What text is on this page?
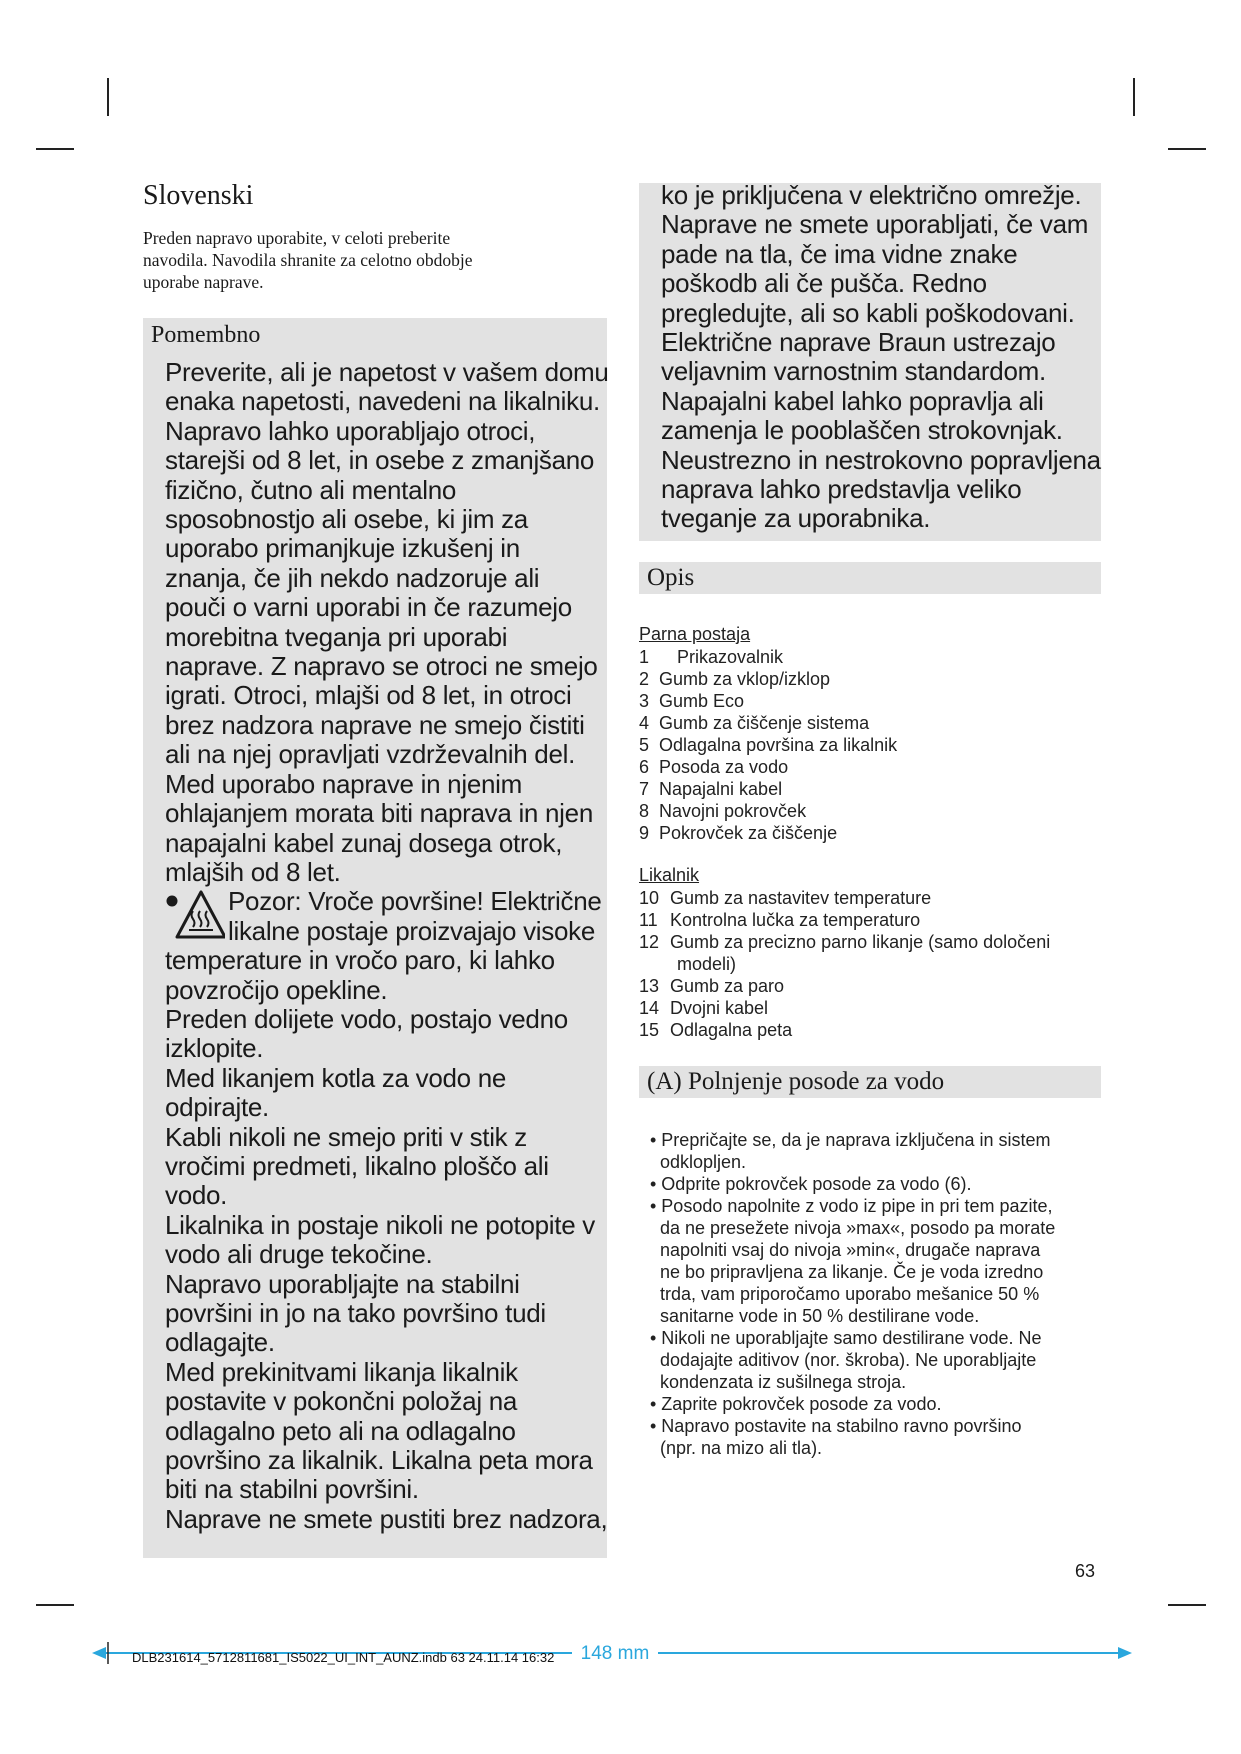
Slovenski
Preden napravo uporabite, v celoti preberite
navodila. Navodila shranite za celotno obdobje
uporabe naprave.
Pomembno
Preverite, ali je napetost v vašem domu
enaka napetosti, navedeni na likalniku.
Napravo lahko uporabljajo otroci,
starejši od 8 let, in osebe z zmanjšano
fizično, čutno ali mentalno
sposobnostjo ali osebe, ki jim za
uporabo primanjkuje izkušenj in
znanja, če jih nekdo nadzoruje ali
pouči o varni uporabi in če razumejo
morebitna tveganja pri uporabi
naprave. Z napravo se otroci ne smejo
igrati. Otroci, mlajši od 8 let, in otroci
brez nadzora naprave ne smejo čistiti
ali na njej opravljati vzdrževalnih del.
Med uporabo naprave in njenim
ohlajanjem morata biti naprava in njen
napajalni kabel zunaj dosega otrok,
mlajših od 8 let.
Pozor: Vroče površine! Električne
likalne postaje proizvajajo visoke
temperature in vročo paro, ki lahko
povzročijo opekline.
Preden dolijete vodo, postajo vedno
izklopite.
Med likanjem kotla za vodo ne
odpirajte.
Kabli nikoli ne smejo priti v stik z
vročimi predmeti, likalno ploščo ali
vodo.
Likalnika in postaje nikoli ne potopite v
vodo ali druge tekočine.
Napravo uporabljajte na stabilni
površini in jo na tako površino tudi
odlagajte.
Med prekinitvami likanja likalnik
postavite v pokončni položaj na
odlagalno peto ali na odlagalno
površino za likalnik. Likalna peta mora
biti na stabilni površini.
Naprave ne smete pustiti brez nadzora,
ko je priključena v električno omrežje.
Naprave ne smete uporabljati, če vam
pade na tla, če ima vidne znake
poškodb ali če pušča. Redno
pregledujte, ali so kabli poškodovani.
Električne naprave Braun ustrezajo
veljavnim varnostnim standardom.
Napajalni kabel lahko popravlja ali
zamenja le pooblaščen strokovnjak.
Neustrezno in nestrokovno popravljena
naprava lahko predstavlja veliko
tveganje za uporabnika.
Opis
Parna postaja
1 Prikazovalnik
2 Gumb za vklop/izklop
3 Gumb Eco
4 Gumb za čiščenje sistema
5 Odlagalna površina za likalnik
6 Posoda za vodo
7 Napajalni kabel
8 Navojni pokrovček
9 Pokrovček za čiščenje
Likalnik
10 Gumb za nastavitev temperature
11 Kontrolna lučka za temperaturo
12 Gumb za precizno parno likanje (samo določeni
modeli)
13 Gumb za paro
14 Dvojni kabel
15 Odlagalna peta
(A) Polnjenje posode za vodo
• Prepričajte se, da je naprava izključena in sistem
odklopljen.
• Odprite pokrovček posode za vodo (6).
• Posodo napolnite z vodo iz pipe in pri tem pazite,
da ne presežete nivoja »max«, posodo pa morate
napolniti vsaj do nivoja »min«, drugače naprava
ne bo pripravljena za likanje. Če je voda izredno
trda, vam priporočamo uporabo mešanice 50 %
sanitarne vode in 50 % destilirane vode.
• Nikoli ne uporabljajte samo destilirane vode. Ne
dodajajte aditivov (nor. škroba). Ne uporabljajte
kondenzata iz sušilnega stroja.
• Zaprite pokrovček posode za vodo.
• Napravo postavite na stabilno ravno površino
(npr. na mizo ali tla).
63
148 mm
DLB231614_5712811681_IS5022_UI_INT_AUNZ.indb 63 24.11.14 16:32
